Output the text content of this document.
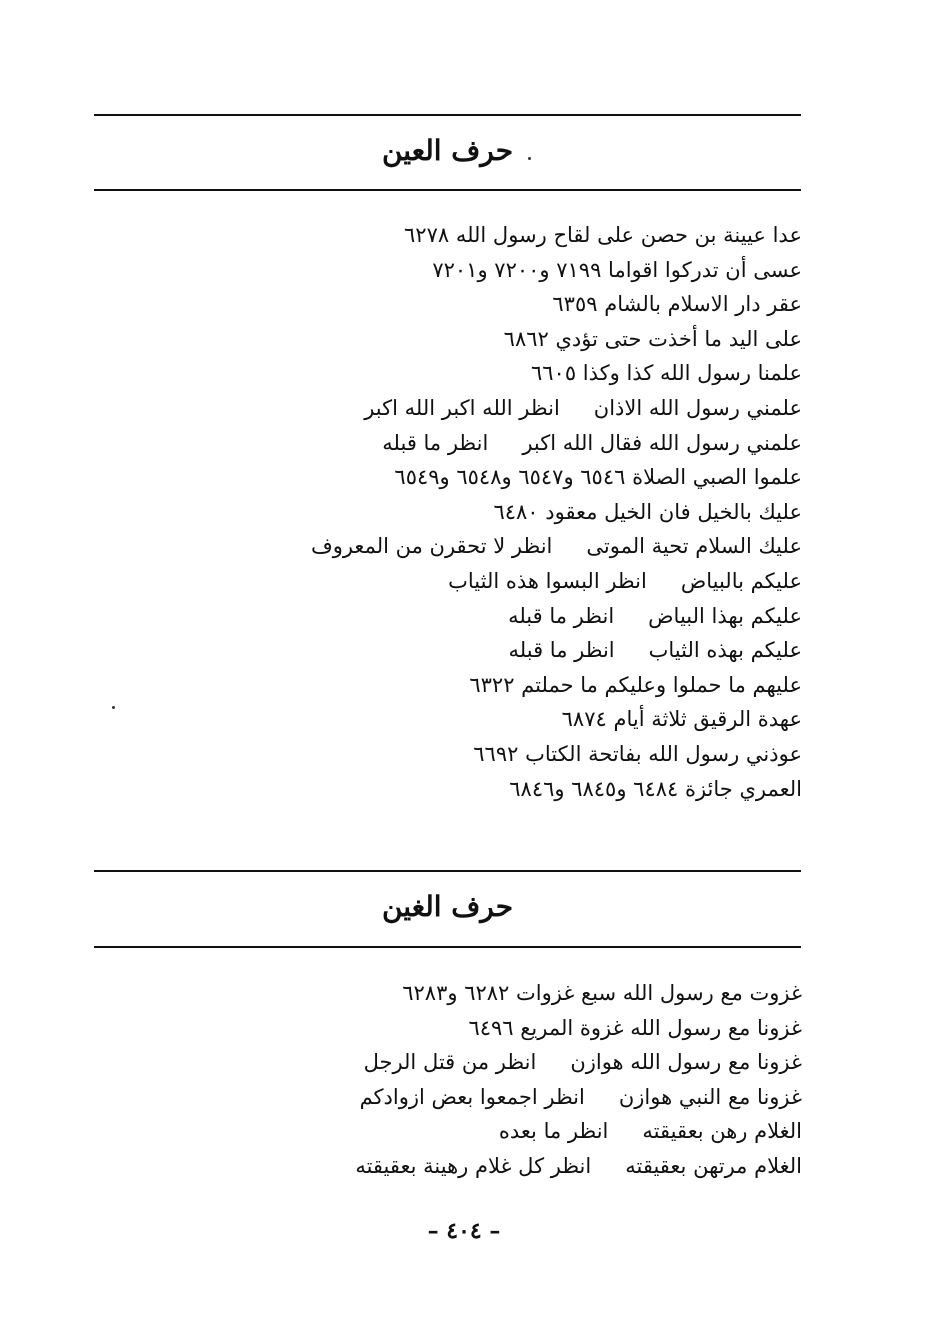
حرف العين
عدا عيينة بن حصن على لقاح رسول الله ٦٢٧٨
عسى أن تدركوا اقواما ٧١٩٩ و٧٢٠٠ و٧٢٠١
عقر دار الاسلام بالشام ٦٣٥٩
على اليد ما أخذت حتى تؤدي ٦٨٦٢
علمنا رسول الله كذا وكذا ٦٦٠٥
علمني رسول الله الاذانانظر الله اكبر الله اكبر
علمني رسول الله فقال الله اكبرانظر ما قبله
علموا الصبي الصلاة ٦٥٤٦ و٦٥٤٧ و٦٥٤٨ و٦٥٤٩
عليك بالخيل فان الخيل معقود ٦٤٨٠
عليك السلام تحية الموتىانظر لا تحقرن من المعروف
عليكم بالبياضانظر البسوا هذه الثياب
عليكم بهذا البياضانظر ما قبله
عليكم بهذه الثيابانظر ما قبله
عليهم ما حملوا وعليكم ما حملتم ٦٣٢٢
عهدة الرقيق ثلاثة أيام ٦٨٧٤
عوذني رسول الله بفاتحة الكتاب ٦٦٩٢
العمري جائزة ٦٤٨٤ و٦٨٤٥ و٦٨٤٦
حرف الغين
غزوت مع رسول الله سبع غزوات ٦٢٨٢ و٦٢٨٣
غزونا مع رسول الله غزوة المريع ٦٤٩٦
غزونا مع رسول الله هوازنانظر من قتل الرجل
غزونا مع النبي هوازنانظر اجمعوا بعض ازوادكم
الغلام رهن بعقيقتهانظر ما بعده
الغلام مرتهن بعقيقتهانظر كل غلام رهينة بعقيقته
– ٤٠٤ –
